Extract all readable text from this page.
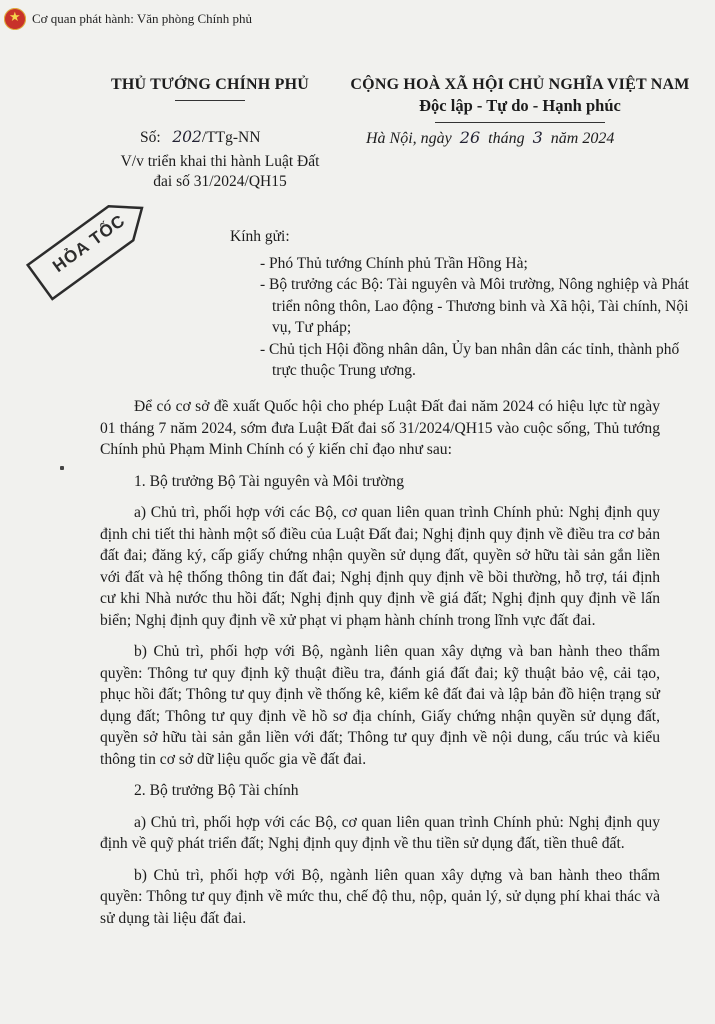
★
Cơ quan phát hành: Văn phòng Chính phủ
THỦ TƯỚNG CHÍNH PHỦ	CỘNG HOÀ XÃ HỘI CHỦ NGHĨA VIỆT NAM
Độc lập - Tự do - Hạnh phúc
Số: 202/TTg-NN	Hà Nội, ngày 26 tháng 3 năm 2024
V/v triển khai thi hành Luật Đất
đai số 31/2024/QH15
HỎA TỐC	Kính gửi:
- Phó Thủ tướng Chính phủ Trần Hồng Hà;
- Bộ trưởng các Bộ: Tài nguyên và Môi trường, Nông nghiệp và Phát triển nông thôn, Lao động - Thương binh và Xã hội, Tài chính, Nội vụ, Tư pháp;
- Chủ tịch Hội đồng nhân dân, Ủy ban nhân dân các tỉnh, thành phố trực thuộc Trung ương.

Để có cơ sở đề xuất Quốc hội cho phép Luật Đất đai năm 2024 có hiệu lực từ ngày 01 tháng 7 năm 2024, sớm đưa Luật Đất đai số 31/2024/QH15 vào cuộc sống, Thủ tướng Chính phủ Phạm Minh Chính có ý kiến chỉ đạo như sau:

1. Bộ trưởng Bộ Tài nguyên và Môi trường

a) Chủ trì, phối hợp với các Bộ, cơ quan liên quan trình Chính phủ: Nghị định quy định chi tiết thi hành một số điều của Luật Đất đai; Nghị định quy định về điều tra cơ bản đất đai; đăng ký, cấp giấy chứng nhận quyền sử dụng đất, quyền sở hữu tài sản gắn liền với đất và hệ thống thông tin đất đai; Nghị định quy định về bồi thường, hỗ trợ, tái định cư khi Nhà nước thu hồi đất; Nghị định quy định về giá đất; Nghị định quy định về lấn biển; Nghị định quy định về xử phạt vi phạm hành chính trong lĩnh vực đất đai.

b) Chủ trì, phối hợp với Bộ, ngành liên quan xây dựng và ban hành theo thẩm quyền: Thông tư quy định kỹ thuật điều tra, đánh giá đất đai; kỹ thuật bảo vệ, cải tạo, phục hồi đất; Thông tư quy định về thống kê, kiểm kê đất đai và lập bản đồ hiện trạng sử dụng đất; Thông tư quy định về hồ sơ địa chính, Giấy chứng nhận quyền sử dụng đất, quyền sở hữu tài sản gắn liền với đất; Thông tư quy định về nội dung, cấu trúc và kiểu thông tin cơ sở dữ liệu quốc gia về đất đai.

2. Bộ trưởng Bộ Tài chính

a) Chủ trì, phối hợp với các Bộ, cơ quan liên quan trình Chính phủ: Nghị định quy định về quỹ phát triển đất; Nghị định quy định về thu tiền sử dụng đất, tiền thuê đất.

b) Chủ trì, phối hợp với Bộ, ngành liên quan xây dựng và ban hành theo thẩm quyền: Thông tư quy định về mức thu, chế độ thu, nộp, quản lý, sử dụng phí khai thác và sử dụng tài liệu đất đai.
